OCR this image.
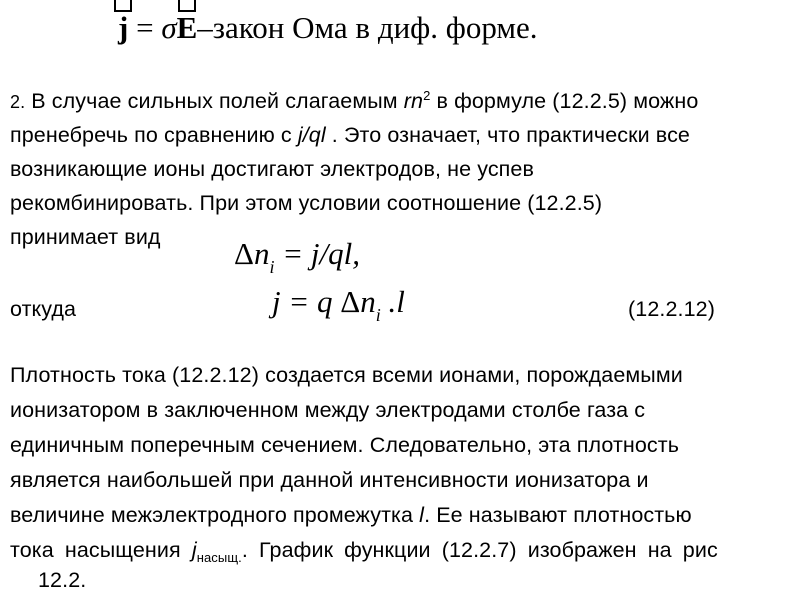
j = σ
E–закон Ома в диф. форме.
2. В случае сильных полей слагаемым $rn^2$ в формуле (12.2.5) можно
пренебречь по сравнению с j/ql . Это означает, что практически все
возникающие ионы достигают электродов, не успев
рекомбинировать. При этом условии соотношение (12.2.5)
принимает вид $\Delta n_i = j/ql$,
откуда	j = q $\Delta n_i$ .l	(12.2.12)
Плотность тока (12.2.12) создается всеми ионами, порождаемыми
ионизатором в заключенном между электродами столбе газа с
единичным поперечным сечением. Следовательно, эта плотность
является наибольшей при данной интенсивности ионизатора и
величине межэлектродного промежутка l. Ее называют плотностью
тока насыщения $j_{насыщ.}$. График функции (12.2.7) изображен на рис
12.2.
